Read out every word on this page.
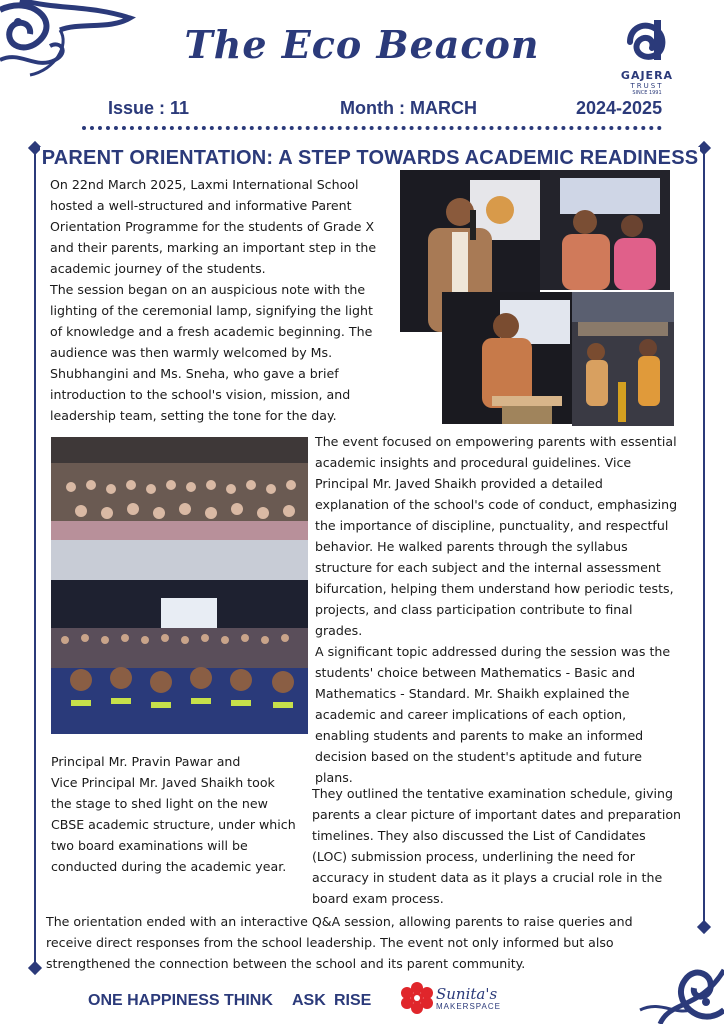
The Eco Beacon
GAJERA
TRUST
SINCE 1991
Issue : 11	Month : MARCH	2024-2025
PARENT ORIENTATION: A STEP TOWARDS ACADEMIC READINESS
On 22nd March 2025, Laxmi International School
hosted a well-structured and informative Parent
Orientation Programme for the students of Grade X
and their parents, marking an important step in the
academic journey of the students.
The session began on an auspicious note with the
lighting of the ceremonial lamp, signifying the light
of knowledge and a fresh academic beginning. The
audience was then warmly welcomed by Ms.
Shubhangini and Ms. Sneha, who gave a brief
introduction to the school's vision, mission, and
leadership team, setting the tone for the day.
The event focused on empowering parents with essential
academic insights and procedural guidelines. Vice
Principal Mr. Javed Shaikh provided a detailed
explanation of the school's code of conduct, emphasizing
the importance of discipline, punctuality, and respectful
behavior. He walked parents through the syllabus
structure for each subject and the internal assessment
bifurcation, helping them understand how periodic tests,
projects, and class participation contribute to final
grades.
A significant topic addressed during the session was the
students' choice between Mathematics - Basic and
Mathematics - Standard. Mr. Shaikh explained the
academic and career implications of each option,
enabling students and parents to make an informed
decision based on the student's aptitude and future
plans.
Principal Mr. Pravin Pawar and
Vice Principal Mr. Javed Shaikh took
the stage to shed light on the new
CBSE academic structure, under which
two board examinations will be
conducted during the academic year.
They outlined the tentative examination schedule, giving
parents a clear picture of important dates and preparation
timelines. They also discussed the List of Candidates
(LOC) submission process, underlining the need for
accuracy in student data as it plays a crucial role in the
board exam process.
The orientation ended with an interactive Q&A session, allowing parents to raise queries and
receive direct responses from the school leadership. The event not only informed but also
strengthened the connection between the school and its parent community.
ONE HAPPINESS THINK ASK RISE	Sunita's
MAKERSPACE
